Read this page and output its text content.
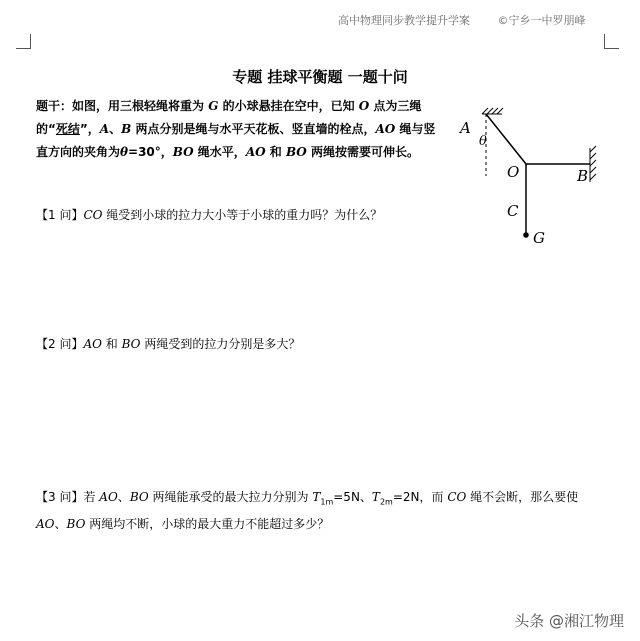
高中物理同步教学提升学案	©宁乡一中罗朋峰
专题 挂球平衡题 一题十问
题干：如图，用三根轻绳将重为 G 的小球悬挂在空中，已知 O 点为三绳的“死结”，A、B 两点分别是绳与水平天花板、竖直墙的栓点，AO 绳与竖直方向的夹角为θ=30°，BO 绳水平，AO 和 BO 两绳按需要可伸长。
A
θ
O	B
C
G
【1 问】CO 绳受到小球的拉力大小等于小球的重力吗？为什么？
【2 问】AO 和 BO 两绳受到的拉力分别是多大？
【3 问】若 AO、BO 两绳能承受的最大拉力分别为 $T_{1m}=5N$、$T_{2m}=2N$，而 CO 绳不会断，那么要使 AO、BO 两绳均不断，小球的最大重力不能超过多少？
头条 @湘江物理
